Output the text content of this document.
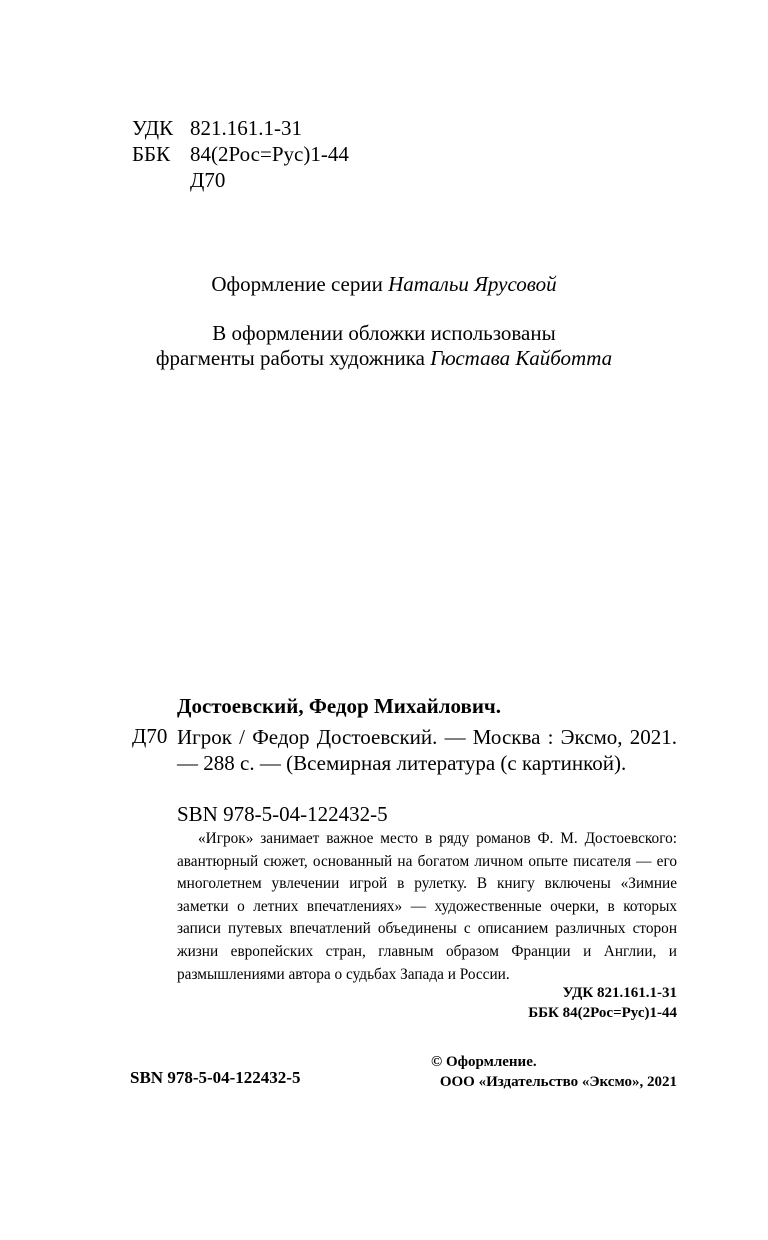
УДК 821.161.1-31
ББК 84(2Рос=Рус)1-44
Д70
Оформление серии Натальи Ярусовой
В оформлении обложки использованы
фрагменты работы художника Гюстава Кайботта
Достоевский, Федор Михайлович.
Д70 Игрок / Федор Достоевский. — Москва : Эксмо, 2021. — 288 с. — (Всемирная литература (с картинкой).
SBN 978-5-04-122432-5
«Игрок» занимает важное место в ряду романов Ф. М. Достоевского: авантюрный сюжет, основанный на богатом личном опыте писателя — его многолетнем увлечении игрой в рулетку. В книгу включены «Зимние заметки о летних впечатлениях» — художественные очерки, в которых записи путевых впечатлений объединены с описанием различных сторон жизни европейских стран, главным образом Франции и Англии, и размышлениями автора о судьбах Запада и России.
УДК 821.161.1-31
ББК 84(2Рос=Рус)1-44
SBN 978-5-04-122432-5
© Оформление.
ООО «Издательство «Эксмо», 2021
